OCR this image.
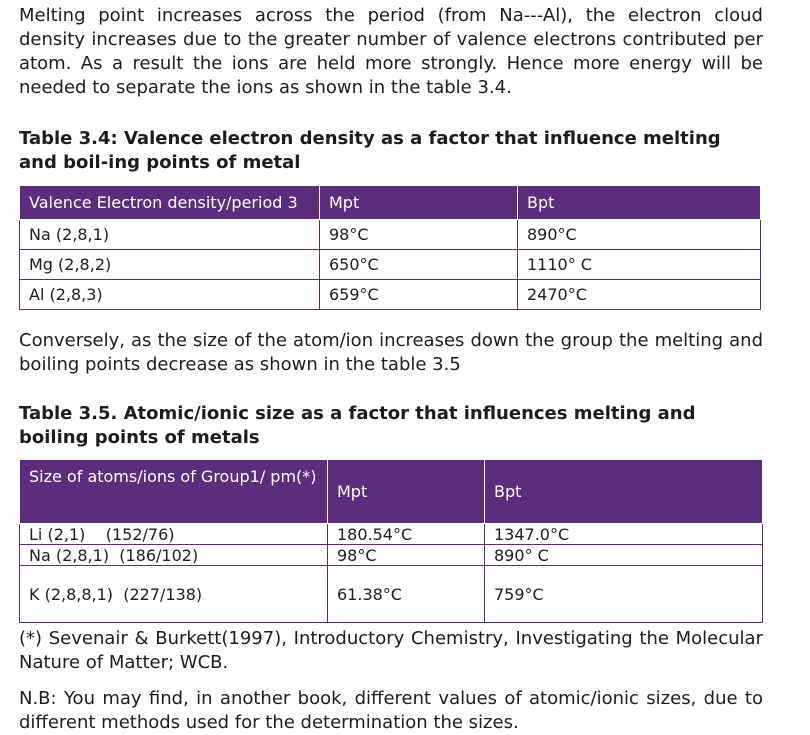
Melting point increases across the period (from Na---Al), the electron cloud density increases due to the greater number of valence electrons contributed per atom. As a result the ions are held more strongly. Hence more energy will be needed to separate the ions as shown in the table 3.4.

Table 3.4: Valence electron density as a factor that influence melting and boil-ing points of metal

Valence Electron density/period 3	Mpt	Bpt
Na (2,8,1)	98°C	890°C
Mg (2,8,2)	650°C	1110° C
Al (2,8,3)	659°C	2470°C

Conversely, as the size of the atom/ion increases down the group the melting and boiling points decrease as shown in the table 3.5

Table 3.5. Atomic/ionic size as a factor that influences melting and boiling points of metals

Size of atoms/ions of Group1/ pm(*)	Mpt	Bpt
Li (2,1)    (152/76)	180.54°C	1347.0°C
Na (2,8,1)  (186/102)	98°C	890° C
K (2,8,8,1)  (227/138)	61.38°C	759°C

(*) Sevenair & Burkett(1997), Introductory Chemistry, Investigating the Molecular Nature of Matter; WCB.

N.B: You may find, in another book, different values of atomic/ionic sizes, due to different methods used for the determination the sizes.
